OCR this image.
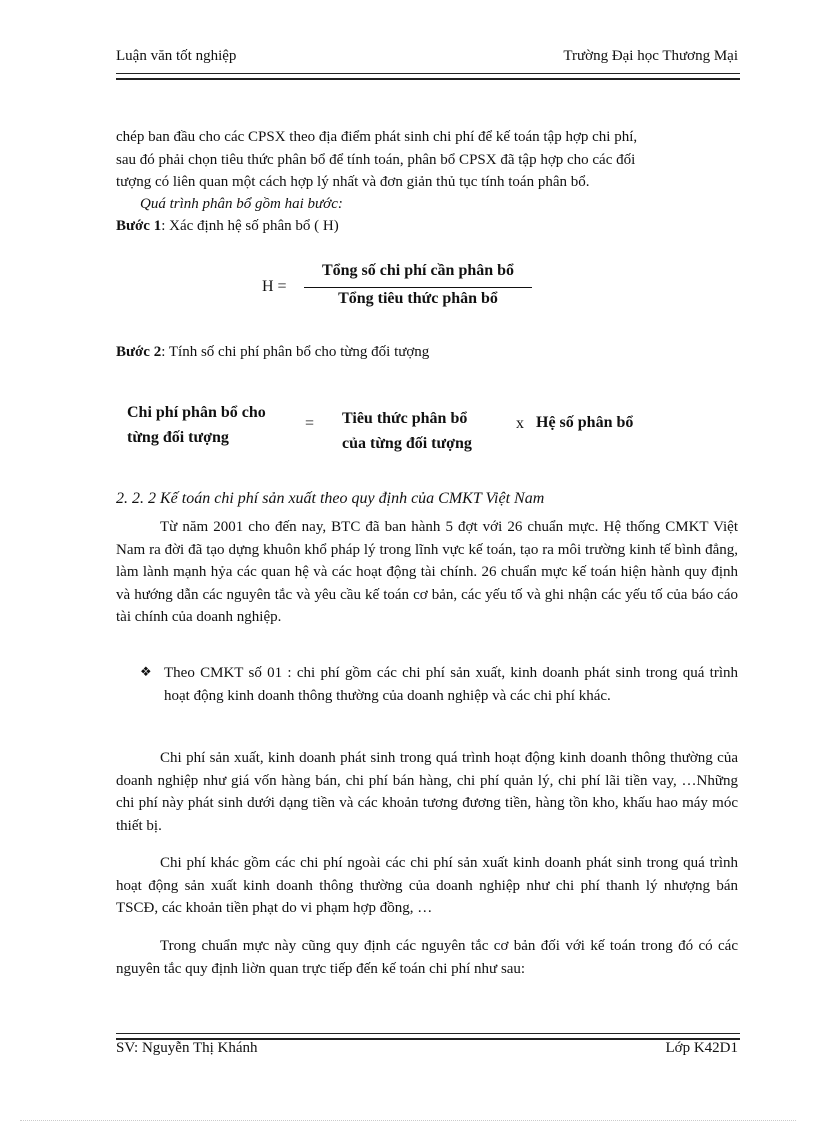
Luận văn tốt nghiệp	Trường Đại học Thương Mại
chép ban đầu cho các CPSX theo địa điểm phát sinh chi phí để kế toán tập hợp chi phí,
sau đó phải chọn tiêu thức phân bổ để tính toán, phân bổ CPSX đã tập hợp cho các đối
tượng có liên quan một cách hợp lý nhất và đơn giản thủ tục tính toán phân bổ.
Quá trình phân bổ gồm hai bước:
Bước 1: Xác định hệ số phân bổ ( H)
H =
Tổng số chi phí cần phân bổ
Tổng tiêu thức phân bổ
Bước 2: Tính số chi phí phân bổ cho từng đối tượng
Chi phí phân bổ cho
từng đối tượng
= Tiêu thức phân bổ
của từng đối tượng
x Hệ số phân bổ
2. 2. 2 Kế toán chi phí sản xuất theo quy định của CMKT Việt Nam
Từ năm 2001 cho đến nay, BTC đã ban hành 5 đợt với 26 chuẩn mực. Hệ thống CMKT Việt Nam ra đời đã tạo dựng khuôn khổ pháp lý trong lĩnh vực kế toán, tạo ra môi trường kinh tế bình đẳng, làm lành mạnh hỷa các quan hệ và các hoạt động tài chính. 26 chuẩn mực kế toán hiện hành quy định và hướng dẫn các nguyên tắc và yêu cầu kế toán cơ bản, các yếu tố và ghi nhận các yếu tố của báo cáo tài chính của doanh nghiệp.
❖ Theo CMKT số 01 : chi phí gồm các chi phí sản xuất, kinh doanh phát sinh trong quá trình hoạt động kinh doanh thông thường của doanh nghiệp và các chi phí khác.
Chi phí sản xuất, kinh doanh phát sinh trong quá trình hoạt động kinh doanh thông thường của doanh nghiệp như giá vốn hàng bán, chi phí bán hàng, chi phí quản lý, chi phí lãi tiền vay, …Những chi phí này phát sinh dưới dạng tiền và các khoản tương đương tiền, hàng tồn kho, khấu hao máy móc thiết bị.
Chi phí khác gồm các chi phí ngoài các chi phí sản xuất kinh doanh phát sinh trong quá trình hoạt động sản xuất kinh doanh thông thường của doanh nghiệp như chi phí thanh lý nhượng bán TSCĐ, các khoản tiền phạt do vi phạm hợp đồng, …
Trong chuẩn mực này cũng quy định các nguyên tắc cơ bản đối với kế toán trong đó có các nguyên tắc quy định liờn quan trực tiếp đến kế toán chi phí như sau:
SV: Nguyễn Thị Khánh	Lớp K42D1
